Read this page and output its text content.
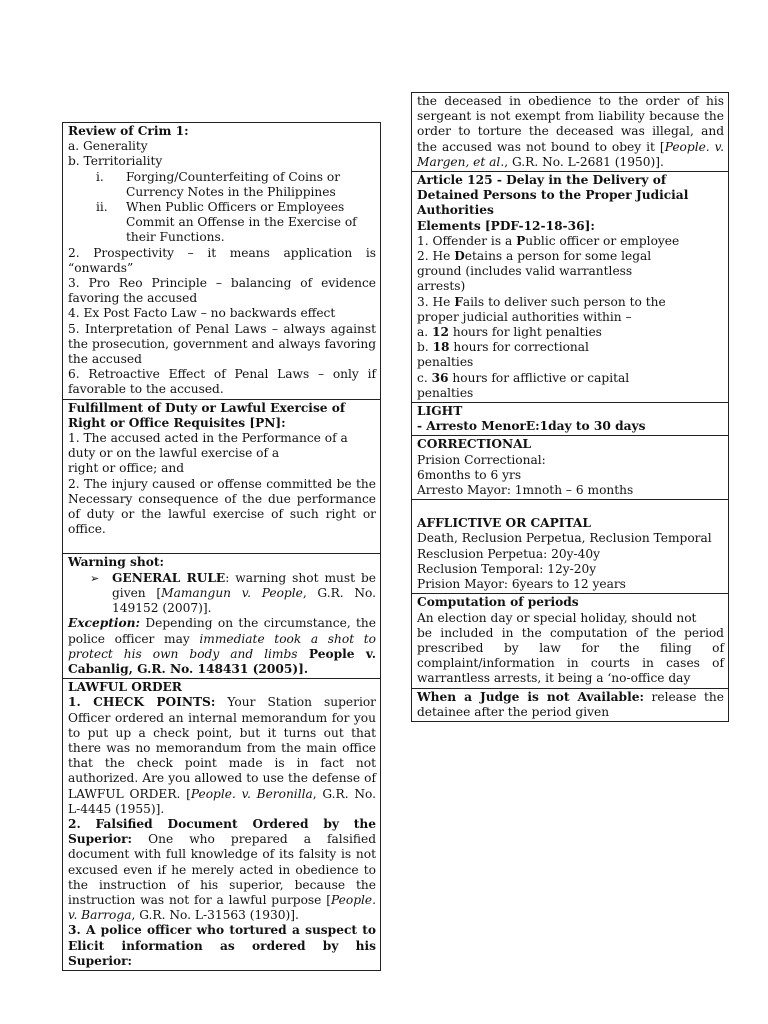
Review of Crim 1:

a. Generality

b. Territoriality

i.	Forging/Counterfeiting of Coins or Currency Notes in the Philippines
ii.	When Public Officers or Employees Commit an Offense in the Exercise of their Functions.

2. Prospectivity – it means application is “onwards”

3. Pro Reo Principle – balancing of evidence favoring the accused

4. Ex Post Facto Law – no backwards effect

5. Interpretation of Penal Laws – always against the prosecution, government and always favoring the accused

6. Retroactive Effect of Penal Laws – only if favorable to the accused.

Fulfillment of Duty or Lawful Exercise of Right or Office Requisites [PN]:

1. The accused acted in the Performance of a duty or on the lawful exercise of a

right or office; and

2. The injury caused or offense committed be the Necessary consequence of the due performance of duty or the lawful exercise of such right or office.

Warning shot:

➢	GENERAL RULE: warning shot must be given [Mamangun v. People, G.R. No. 149152 (2007)].

Exception: Depending on the circumstance, the police officer may immediate took a shot to protect his own body and limbs People v. Cabanlig, G.R. No. 148431 (2005)].

LAWFUL ORDER

1. CHECK POINTS: Your Station superior Officer ordered an internal memorandum for you to put up a check point, but it turns out that there was no memorandum from the main office that the check point made is in fact not authorized. Are you allowed to use the defense of LAWFUL ORDER. [People. v. Beronilla, G.R. No. L-4445 (1955)].

2. Falsified Document Ordered by the Superior: One who prepared a falsified document with full knowledge of its falsity is not excused even if he merely acted in obedience to the instruction of his superior, because the instruction was not for a lawful purpose [People. v. Barroga, G.R. No. L-31563 (1930)].

3. A police officer who tortured a suspect to Elicit information as ordered by his Superior:

the deceased in obedience to the order of his sergeant is not exempt from liability because the order to torture the deceased was illegal, and the accused was not bound to obey it [People. v. Margen, et al., G.R. No. L-2681 (1950)].

Article 125 - Delay in the Delivery of Detained Persons to the Proper Judicial Authorities

Elements [PDF-12-18-36]:

1. Offender is a Public officer or employee

2. He Detains a person for some legal

ground (includes valid warrantless

arrests)

3. He Fails to deliver such person to the

proper judicial authorities within –

a. 12 hours for light penalties

b. 18 hours for correctional

penalties

c. 36 hours for afflictive or capital

penalties

LIGHT

- Arresto MenorE:1day to 30 days

CORRECTIONAL

Prision Correctional:

6months to 6 yrs

Arresto Mayor: 1mnoth – 6 months

AFFLICTIVE OR CAPITAL

Death, Reclusion Perpetua, Reclusion Temporal

Resclusion Perpetua: 20y-40y

Reclusion Temporal: 12y-20y

Prision Mayor: 6years to 12 years

Computation of periods

An election day or special holiday, should not

be included in the computation of the period prescribed by law for the filing of complaint/information in courts in cases of warrantless arrests, it being a ‘no-office day

When a Judge is not Available: release the detainee after the period given
